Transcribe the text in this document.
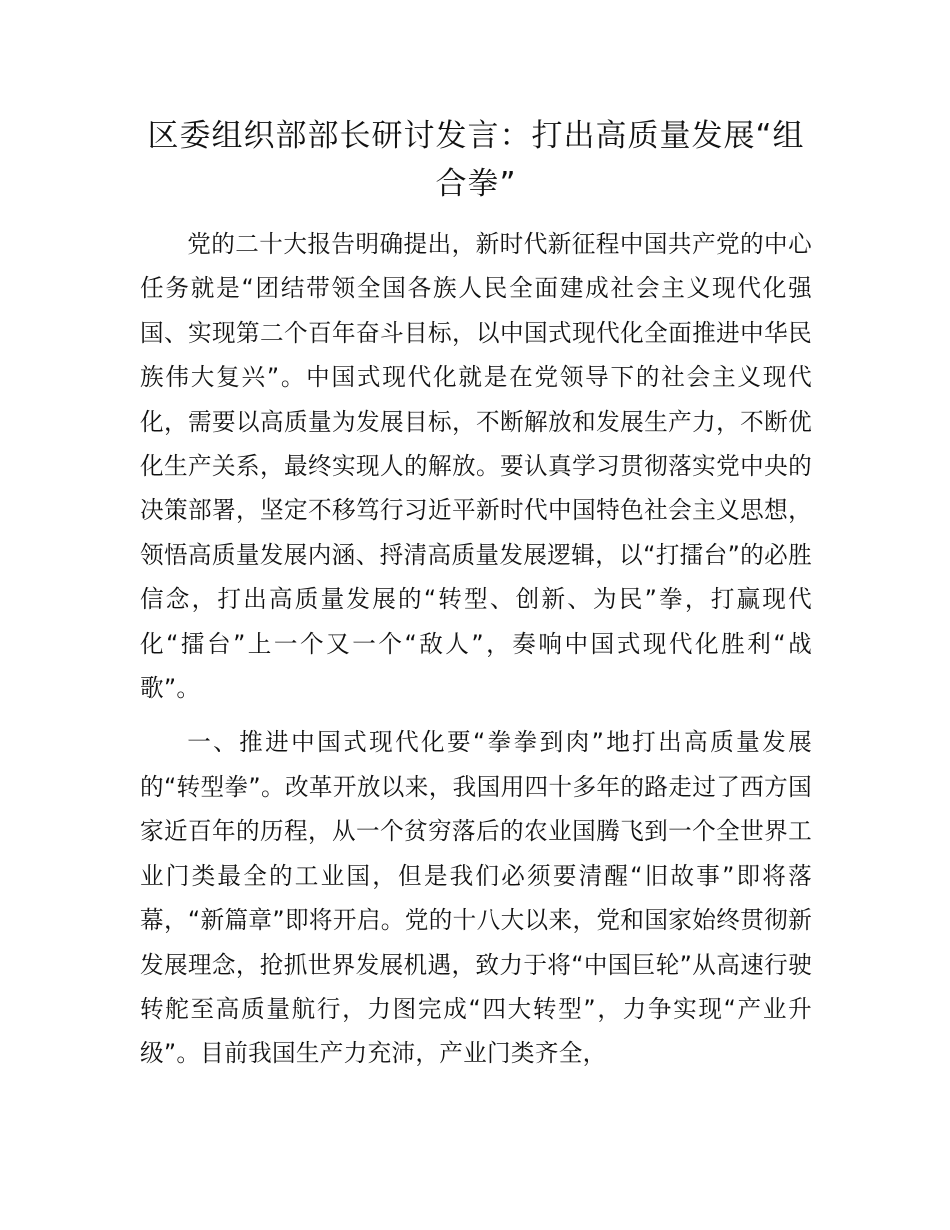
区委组织部部长研讨发言：打出高质量发展“组合拳”

党的二十大报告明确提出，新时代新征程中国共产党的中心任务就是“团结带领全国各族人民全面建成社会主义现代化强国、实现第二个百年奋斗目标，以中国式现代化全面推进中华民族伟大复兴”。中国式现代化就是在党领导下的社会主义现代化，需要以高质量为发展目标，不断解放和发展生产力，不断优化生产关系，最终实现人的解放。要认真学习贯彻落实党中央的决策部署，坚定不移笃行习近平新时代中国特色社会主义思想，领悟高质量发展内涵、捋清高质量发展逻辑，以“打擂台”的必胜信念，打出高质量发展的“转型、创新、为民”拳，打赢现代化“擂台”上一个又一个“敌人”，奏响中国式现代化胜利“战歌”。

一、推进中国式现代化要“拳拳到肉”地打出高质量发展的“转型拳”。改革开放以来，我国用四十多年的路走过了西方国家近百年的历程，从一个贫穷落后的农业国腾飞到一个全世界工业门类最全的工业国，但是我们必须要清醒“旧故事”即将落幕，“新篇章”即将开启。党的十八大以来，党和国家始终贯彻新发展理念，抢抓世界发展机遇，致力于将“中国巨轮”从高速行驶转舵至高质量航行，力图完成“四大转型”，力争实现“产业升级”。目前我国生产力充沛，产业门类齐全，
